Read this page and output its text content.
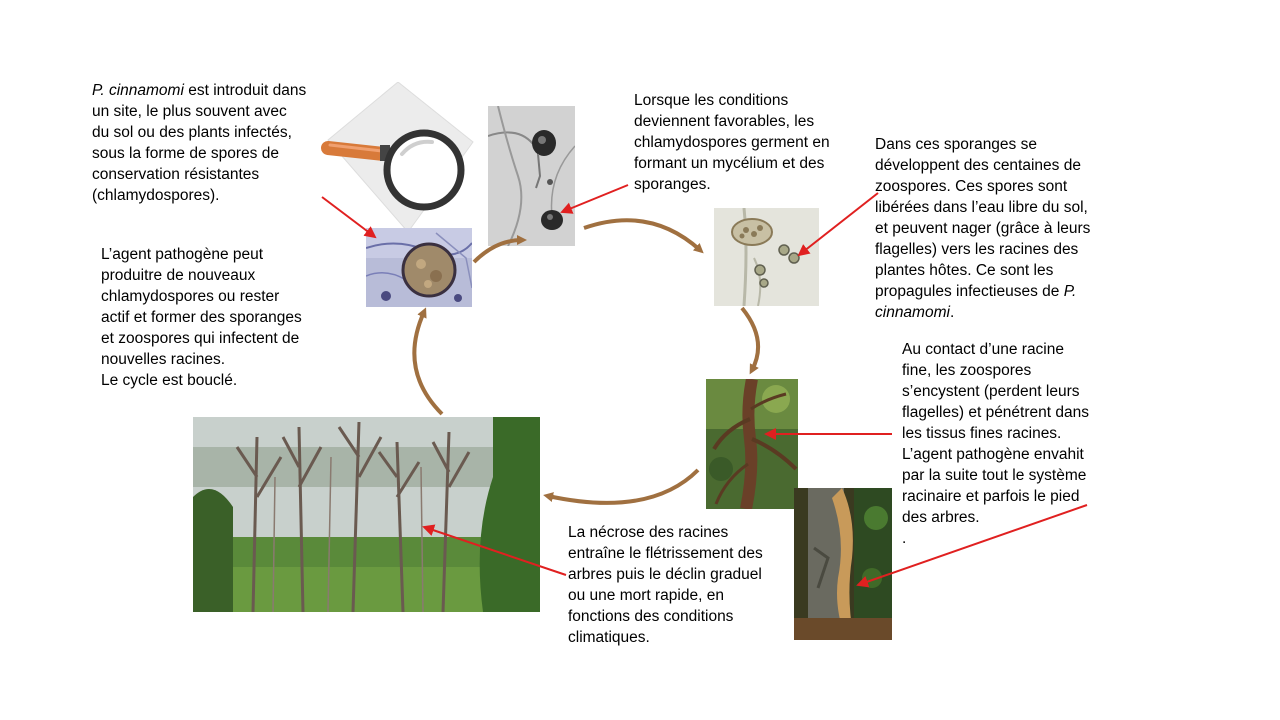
P. cinnamomi est introduit dans
un site, le plus souvent avec
du sol ou des plants infectés,
sous la forme de spores de
conservation résistantes
(chlamydospores).
Lorsque les conditions
deviennent favorables, les
chlamydospores germent en
formant un mycélium et des
sporanges.
Dans ces sporanges se
développent des centaines de
zoospores. Ces spores sont
libérées dans l’eau libre du sol,
et peuvent nager (grâce à leurs
flagelles) vers les racines des
plantes hôtes. Ce sont les
propagules infectieuses de P.
cinnamomi.
Au contact d’une racine
fine, les zoospores
s’encystent (perdent leurs
flagelles) et pénétrent dans
les tissus fines racines.
L’agent pathogène envahit
par la suite tout le système
racinaire et parfois le pied
des arbres.
.
La nécrose des racines
entraîne le flétrissement des
arbres puis le déclin graduel
ou une mort rapide, en
fonctions des conditions
climatiques.
L’agent pathogène peut
produitre de nouveaux
chlamydospores ou rester
actif et former des sporanges
et zoospores qui infectent de
nouvelles racines.
Le cycle est bouclé.
